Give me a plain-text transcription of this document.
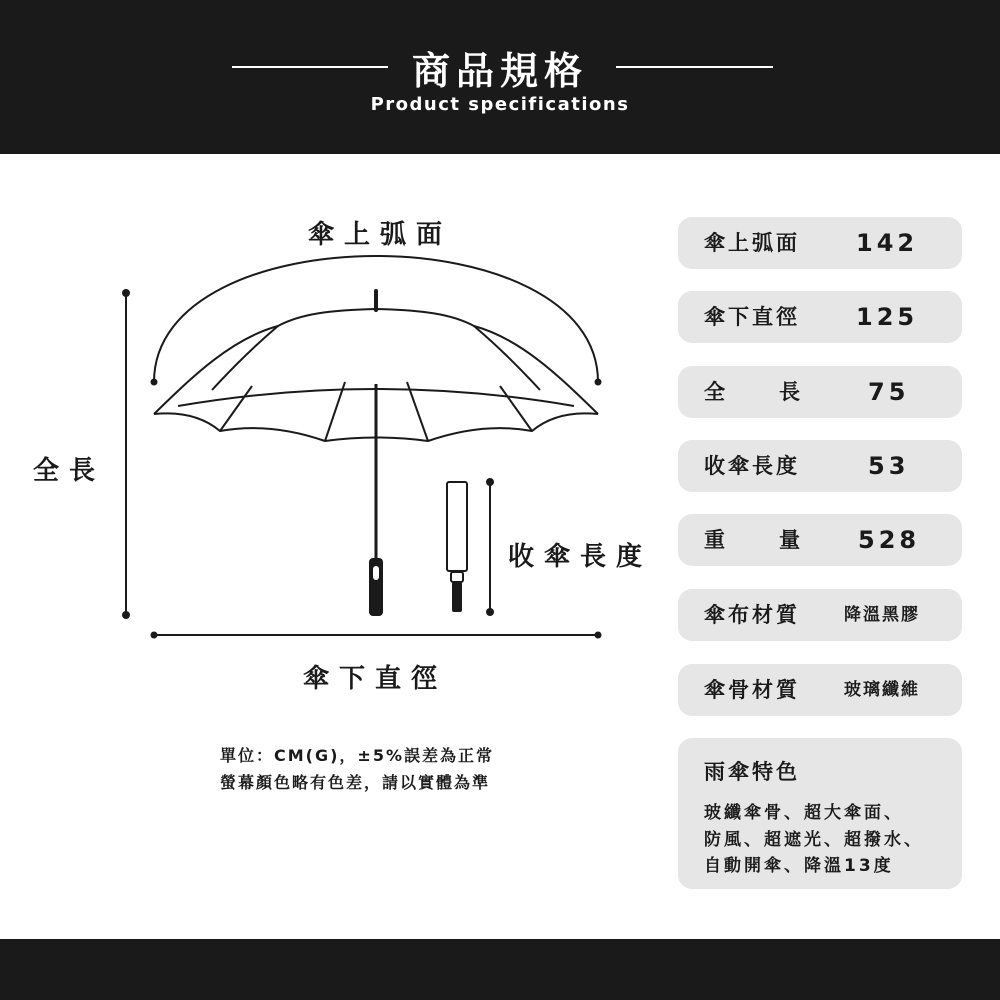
商品規格
Product specifications
傘上弧面
傘下直徑
全長
收傘長度
單位：CM(G)，±5%誤差為正常
螢幕顏色略有色差，請以實體為準
傘上弧面 142
傘下直徑 125
全	長	75
收傘長度	53
重	量 528
傘布材質	降溫黑膠
傘骨材質	玻璃纖維
雨傘特色
玻纖傘骨、超大傘面、
防風、超遮光、超撥水、
自動開傘、降溫13度
